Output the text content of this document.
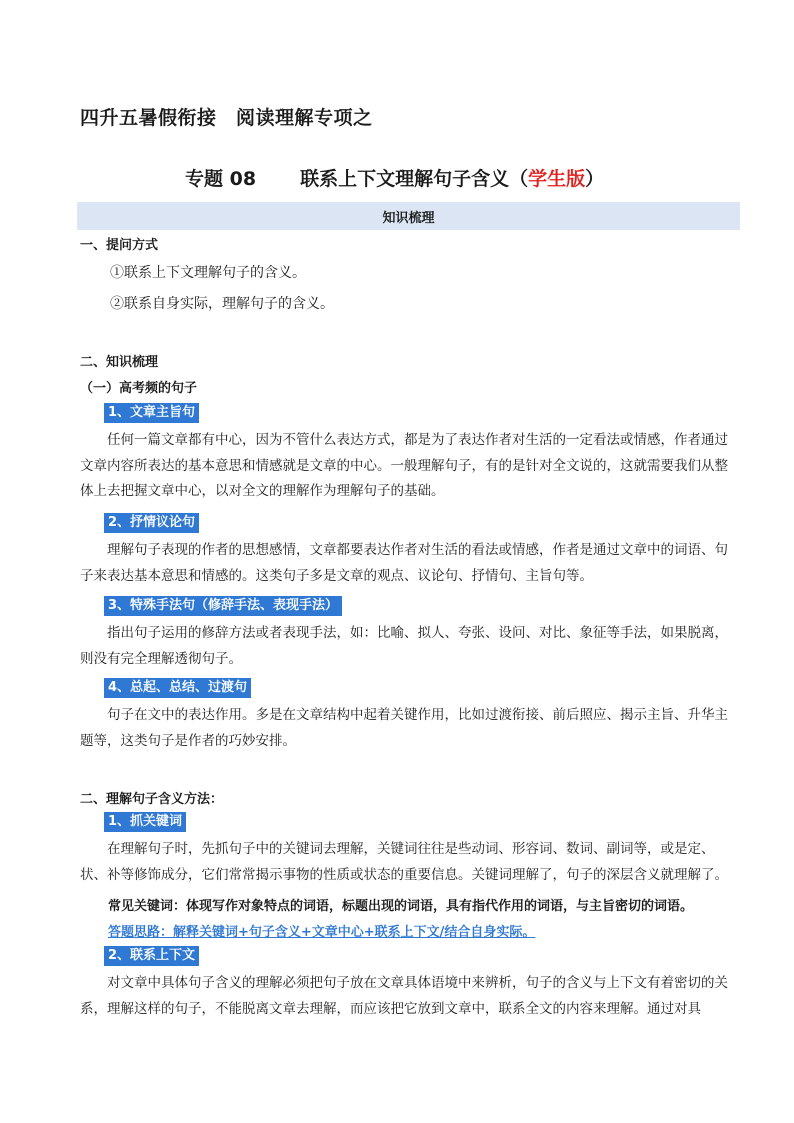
四升五暑假衔接　阅读理解专项之
专题 08 联系上下文理解句子含义（学生版）
知识梳理
一、提问方式
①联系上下文理解句子的含义。
②联系自身实际，理解句子的含义。
二、知识梳理
（一）高考频的句子
1、文章主旨句
任何一篇文章都有中心，因为不管什么表达方式，都是为了表达作者对生活的一定看法或情感，作者通过文章内容所表达的基本意思和情感就是文章的中心。一般理解句子，有的是针对全文说的，这就需要我们从整体上去把握文章中心，以对全文的理解作为理解句子的基础。
2、抒情议论句
理解句子表现的作者的思想感情，文章都要表达作者对生活的看法或情感，作者是通过文章中的词语、句子来表达基本意思和情感的。这类句子多是文章的观点、议论句、抒情句、主旨句等。
3、特殊手法句（修辞手法、表现手法）
指出句子运用的修辞方法或者表现手法，如：比喻、拟人、夸张、设问、对比、象征等手法，如果脱离，则没有完全理解透彻句子。
4、总起、总结、过渡句
句子在文中的表达作用。多是在文章结构中起着关键作用，比如过渡衔接、前后照应、揭示主旨、升华主题等，这类句子是作者的巧妙安排。
二、理解句子含义方法：
1、抓关键词
在理解句子时，先抓句子中的关键词去理解，关键词往往是些动词、形容词、数词、副词等，或是定、状、补等修饰成分，它们常常揭示事物的性质或状态的重要信息。关键词理解了，句子的深层含义就理解了。
常见关键词：体现写作对象特点的词语，标题出现的词语，具有指代作用的词语，与主旨密切的词语。
答题思路：解释关键词+句子含义+文章中心+联系上下文/结合自身实际。
2、联系上下文
对文章中具体句子含义的理解必须把句子放在文章具体语境中来辨析，句子的含义与上下文有着密切的关系，理解这样的句子，不能脱离文章去理解，而应该把它放到文章中，联系全文的内容来理解。通过对具
